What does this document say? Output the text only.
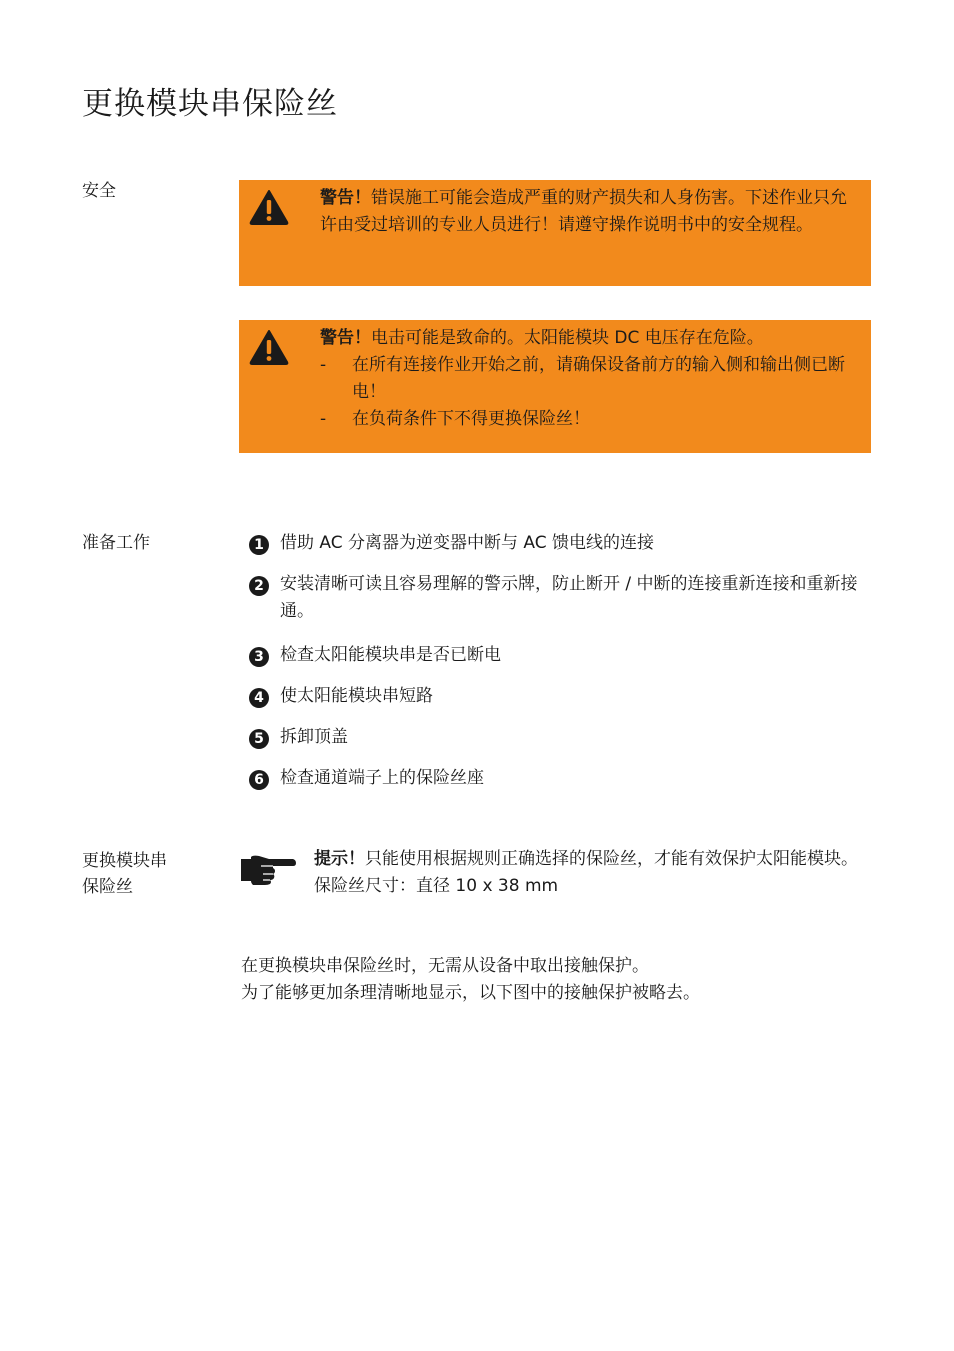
更换模块串保险丝
安全	警告！错误施工可能会造成严重的财产损失和人身伤害。下述作业只允许由受过培训的专业人员进行！请遵守操作说明书中的安全规程。
警告！电击可能是致命的。太阳能模块 DC 电压存在危险。
- 在所有连接作业开始之前，请确保设备前方的输入侧和输出侧已断电！
- 在负荷条件下不得更换保险丝！
准备工作	1 借助 AC 分离器为逆变器中断与 AC 馈电线的连接
2 安装清晰可读且容易理解的警示牌，防止断开 / 中断的连接重新连接和重新接通。
3 检查太阳能模块串是否已断电
4 使太阳能模块串短路
5 拆卸顶盖
6 检查通道端子上的保险丝座
更换模块串
保险丝
提示！只能使用根据规则正确选择的保险丝，才能有效保护太阳能模块。
保险丝尺寸：直径 10 x 38 mm
在更换模块串保险丝时，无需从设备中取出接触保护。
为了能够更加条理清晰地显示，以下图中的接触保护被略去。
